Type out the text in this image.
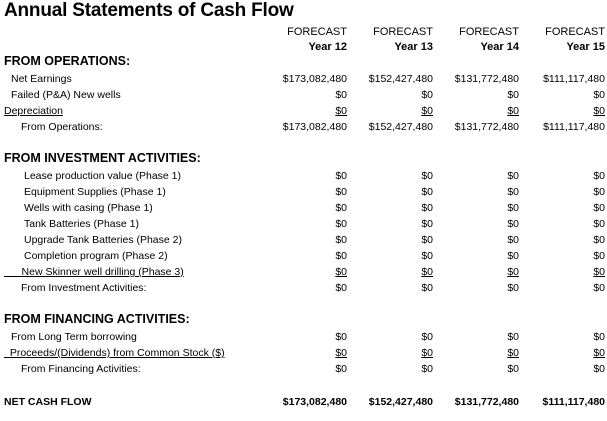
Annual Statements of Cash Flow
FORECAST FORECAST FORECAST FORECAST
Year 12	Year 13	Year 14	Year 15
FROM OPERATIONS:
Net Earnings	$173,082,480 $152,427,480 $131,772,480 $111,117,480
Failed (P&A) New wells	$0	$0	$0	$0
Depreciation	$0	$0	$0	$0
From Operations:	$173,082,480 $152,427,480 $131,772,480 $111,117,480
FROM INVESTMENT ACTIVITIES:
Lease production value (Phase 1)	$0	$0	$0	$0
Equipment Supplies (Phase 1)	$0	$0	$0	$0
Wells with casing (Phase 1)	$0	$0	$0	$0
Tank Batteries (Phase 1)	$0	$0	$0	$0
Upgrade Tank Batteries (Phase 2)	$0	$0	$0	$0
Completion program (Phase 2)	$0	$0	$0	$0
New Skinner well drilling (Phase 3)	$0	$0	$0	$0
From Investment Activities:	$0	$0	$0	$0
FROM FINANCING ACTIVITIES:
From Long Term borrowing	$0	$0	$0	$0
Proceeds/(Dividends) from Common Stock ($)	$0	$0	$0	$0
From Financing Activities:	$0	$0	$0	$0
NET CASH FLOW	$173,082,480 $152,427,480 $131,772,480 $111,117,480
